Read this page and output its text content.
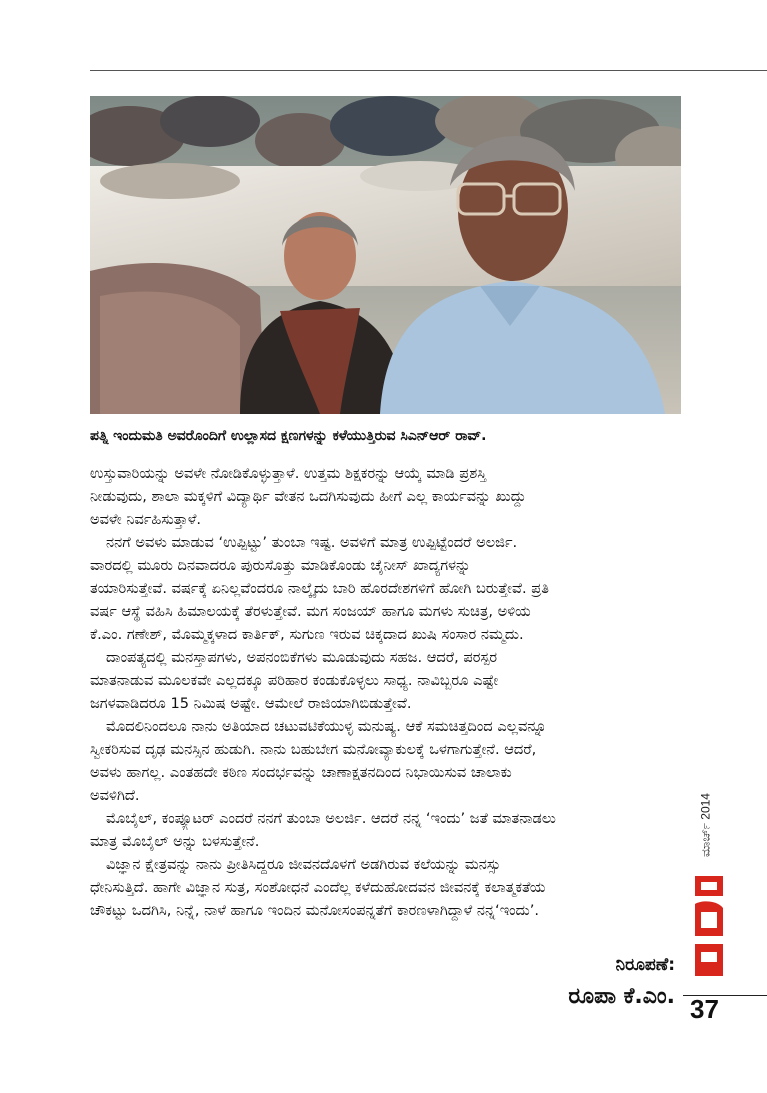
ಪತ್ನಿ ಇಂದುಮತಿ ಅವರೊಂದಿಗೆ ಉಲ್ಲಾಸದ ಕ್ಷಣಗಳನ್ನು ಕಳೆಯುತ್ತಿರುವ ಸಿಎನ್‌ಆರ್ ರಾವ್.

ಉಸ್ತುವಾರಿಯನ್ನು ಅವಳೇ ನೋಡಿಕೊಳ್ಳುತ್ತಾಳೆ. ಉತ್ತಮ ಶಿಕ್ಷಕರನ್ನು ಆಯ್ಕೆ ಮಾಡಿ ಪ್ರಶಸ್ತಿ
ನೀಡುವುದು, ಶಾಲಾ ಮಕ್ಕಳಿಗೆ ವಿದ್ಯಾರ್ಥಿ ವೇತನ ಒದಗಿಸುವುದು ಹೀಗೆ ಎಲ್ಲ ಕಾರ್ಯವನ್ನು ಖುದ್ದು
ಅವಳೇ ನಿರ್ವಹಿಸುತ್ತಾಳೆ.

ನನಗೆ ಅವಳು ಮಾಡುವ ‘ಉಪ್ಪಿಟ್ಟು’ ತುಂಬಾ ಇಷ್ಟ. ಅವಳಿಗೆ ಮಾತ್ರ ಉಪ್ಪಿಟ್ಟೆಂದರೆ ಅಲರ್ಜಿ.
ವಾರದಲ್ಲಿ ಮೂರು ದಿನವಾದರೂ ಪುರುಸೊತ್ತು ಮಾಡಿಕೊಂಡು ಚೈನೀಸ್ ಖಾದ್ಯಗಳನ್ನು
ತಯಾರಿಸುತ್ತೇವೆ. ವರ್ಷಕ್ಕೆ ಏನಿಲ್ಲವೆಂದರೂ ನಾಲ್ಕೈದು ಬಾರಿ ಹೊರದೇಶಗಳಿಗೆ ಹೋಗಿ ಬರುತ್ತೇವೆ. ಪ್ರತಿ
ವರ್ಷ ಆಸ್ಥೆ ವಹಿಸಿ ಹಿಮಾಲಯಕ್ಕೆ ತೆರಳುತ್ತೇವೆ. ಮಗ ಸಂಜಯ್ ಹಾಗೂ ಮಗಳು ಸುಚಿತ್ರ, ಅಳಿಯ
ಕೆ.ಎಂ. ಗಣೇಶ್, ಮೊಮ್ಮಕ್ಕಳಾದ ಕಾರ್ತಿಕ್, ಸುಗುಣ ಇರುವ ಚಿಕ್ಕದಾದ ಖುಷಿ ಸಂಸಾರ ನಮ್ಮದು.

ದಾಂಪತ್ಯದಲ್ಲಿ ಮನಸ್ತಾಪಗಳು, ಅಪನಂಬಿಕೆಗಳು ಮೂಡುವುದು ಸಹಜ. ಆದರೆ, ಪರಸ್ಪರ
ಮಾತನಾಡುವ ಮೂಲಕವೇ ಎಲ್ಲದಕ್ಕೂ ಪರಿಹಾರ ಕಂಡುಕೊಳ್ಳಲು ಸಾಧ್ಯ. ನಾವಿಬ್ಬರೂ ಎಷ್ಟೇ
ಜಗಳವಾಡಿದರೂ 15 ನಿಮಿಷ ಅಷ್ಟೇ. ಆಮೇಲೆ ರಾಜಿಯಾಗಿಬಿಡುತ್ತೇವೆ.

ಮೊದಲಿನಿಂದಲೂ ನಾನು ಅತಿಯಾದ ಚಟುವಟಿಕೆಯುಳ್ಳ ಮನುಷ್ಯ. ಆಕೆ ಸಮಚಿತ್ತದಿಂದ ಎಲ್ಲವನ್ನೂ
ಸ್ವೀಕರಿಸುವ ದೃಢ ಮನಸ್ಸಿನ ಹುಡುಗಿ. ನಾನು ಬಹುಬೇಗ ಮನೋವ್ಯಾಕುಲಕ್ಕೆ ಒಳಗಾಗುತ್ತೇನೆ. ಆದರೆ,
ಅವಳು ಹಾಗಲ್ಲ. ಎಂತಹದೇ ಕಠಿಣ ಸಂದರ್ಭವನ್ನು ಚಾಣಾಕ್ಷತನದಿಂದ ನಿಭಾಯಿಸುವ ಚಾಲಾಕು
ಅವಳಿಗಿದೆ.

ಮೊಬೈಲ್, ಕಂಪ್ಯೂಟರ್ ಎಂದರೆ ನನಗೆ ತುಂಬಾ ಅಲರ್ಜಿ. ಆದರೆ ನನ್ನ ‘ಇಂದು’ ಜತೆ ಮಾತನಾಡಲು
ಮಾತ್ರ ಮೊಬೈಲ್ ಅನ್ನು ಬಳಸುತ್ತೇನೆ.

ವಿಜ್ಞಾನ ಕ್ಷೇತ್ರವನ್ನು ನಾನು ಪ್ರೀತಿಸಿದ್ದರೂ ಜೀವನದೊಳಗೆ ಅಡಗಿರುವ ಕಲೆಯನ್ನು ಮನಸ್ಸು
ಧೇನಿಸುತ್ತಿದೆ. ಹಾಗೇ ವಿಜ್ಞಾನ ಸುತ್ರ, ಸಂಶೋಧನೆ ಎಂದೆಲ್ಲ ಕಳೆದುಹೋದವನ ಜೀವನಕ್ಕೆ ಕಲಾತ್ಮಕತೆಯ
ಚೌಕಟ್ಟು ಒದಗಿಸಿ, ನಿನ್ನೆ, ನಾಳೆ ಹಾಗೂ ಇಂದಿನ ಮನೋಸಂಪನ್ನತೆಗೆ ಕಾರಣಳಾಗಿದ್ದಾಳೆ ನನ್ನ‘ಇಂದು’.

ನಿರೂಪಣೆ:
ರೂಪಾ ಕೆ.ಎಂ.
ಮಾರ್ಚ್ 2014
37
